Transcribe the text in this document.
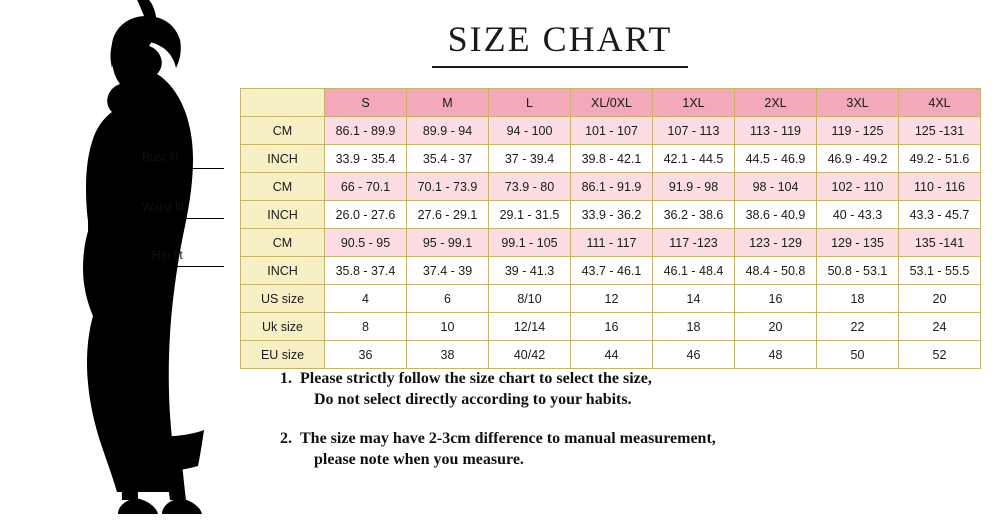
Bust fit
Waist fit
Hip fit
SIZE CHART
	S	M	L	XL/0XL	1XL	2XL	3XL	4XL
CM	86.1 - 89.9	89.9 - 94	94 - 100	101 - 107	107 - 113	113 - 119	119 - 125	125 -131
INCH	33.9 - 35.4	35.4 - 37	37 - 39.4	39.8 - 42.1	42.1 - 44.5	44.5 - 46.9	46.9 - 49.2	49.2 - 51.6
CM	66 - 70.1	70.1 - 73.9	73.9 - 80	86.1 - 91.9	91.9 - 98	98 - 104	102 - 110	110 - 116
INCH	26.0 - 27.6	27.6 - 29.1	29.1 - 31.5	33.9 - 36.2	36.2 - 38.6	38.6 - 40.9	40 - 43.3	43.3 - 45.7
CM	90.5 - 95	95 - 99.1	99.1 - 105	111 - 117	117 -123	123 - 129	129 - 135	135 -141
INCH	35.8 - 37.4	37.4 - 39	39 - 41.3	43.7 - 46.1	46.1 - 48.4	48.4 - 50.8	50.8 - 53.1	53.1 - 55.5
US size	4	6	8/10	12	14	16	18	20
Uk size	8	10	12/14	16	18	20	22	24
EU size	36	38	40/42	44	46	48	50	52
1. Please strictly follow the size chart to select the size,
Do not select directly according to your habits.
2. The size may have 2-3cm difference to manual measurement,
please note when you measure.
